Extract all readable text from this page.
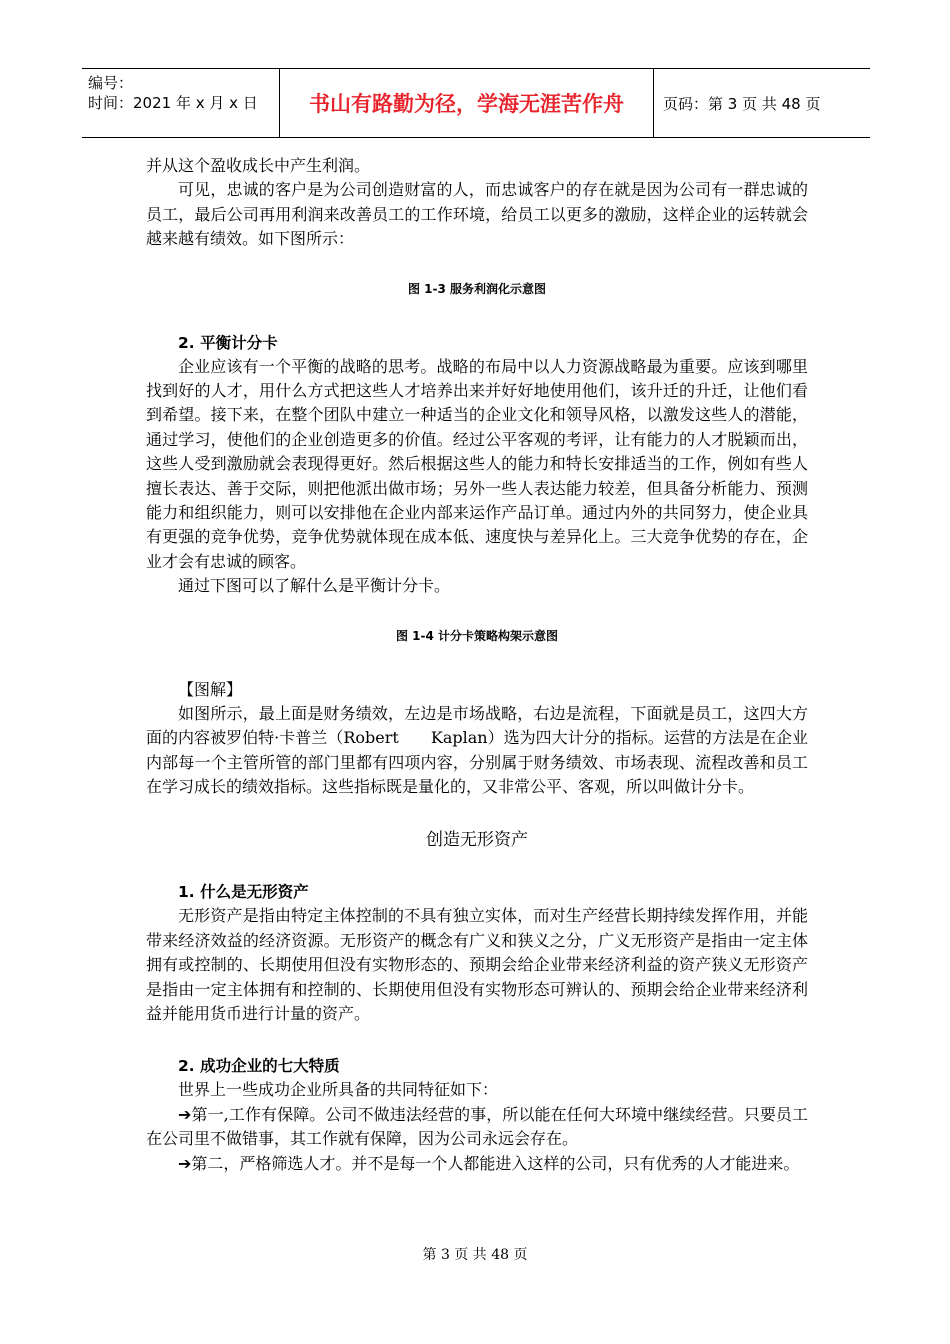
编号：
时间：2021 年 x 月 x 日	书山有路勤为径，学海无涯苦作舟	页码：第 3 页 共 48 页

并从这个盈收成长中产生利润。

可见，忠诚的客户是为公司创造财富的人，而忠诚客户的存在就是因为公司有一群忠诚的员工，最后公司再用利润来改善员工的工作环境，给员工以更多的激励，这样企业的运转就会越来越有绩效。如下图所示：

图 1-3 服务利润化示意图

2. 平衡计分卡

企业应该有一个平衡的战略的思考。战略的布局中以人力资源战略最为重要。应该到哪里找到好的人才，用什么方式把这些人才培养出来并好好地使用他们，该升迁的升迁，让他们看到希望。接下来，在整个团队中建立一种适当的企业文化和领导风格，以激发这些人的潜能，通过学习，使他们的企业创造更多的价值。经过公平客观的考评，让有能力的人才脱颖而出，这些人受到激励就会表现得更好。然后根据这些人的能力和特长安排适当的工作，例如有些人擅长表达、善于交际，则把他派出做市场；另外一些人表达能力较差，但具备分析能力、预测能力和组织能力，则可以安排他在企业内部来运作产品订单。通过内外的共同努力，使企业具有更强的竞争优势，竞争优势就体现在成本低、速度快与差异化上。三大竞争优势的存在，企业才会有忠诚的顾客。

通过下图可以了解什么是平衡计分卡。

图 1-4 计分卡策略构架示意图

【图解】

如图所示，最上面是财务绩效，左边是市场战略，右边是流程，下面就是员工，这四大方面的内容被罗伯特·卡普兰（Robert　　Kaplan）选为四大计分的指标。运营的方法是在企业内部每一个主管所管的部门里都有四项内容，分别属于财务绩效、市场表现、流程改善和员工在学习成长的绩效指标。这些指标既是量化的，又非常公平、客观，所以叫做计分卡。

创造无形资产

1. 什么是无形资产

无形资产是指由特定主体控制的不具有独立实体，而对生产经营长期持续发挥作用，并能带来经济效益的经济资源。无形资产的概念有广义和狭义之分，广义无形资产是指由一定主体拥有或控制的、长期使用但没有实物形态的、预期会给企业带来经济利益的资产狭义无形资产是指由一定主体拥有和控制的、长期使用但没有实物形态可辨认的、预期会给企业带来经济利益并能用货币进行计量的资产。

2. 成功企业的七大特质

世界上一些成功企业所具备的共同特征如下：

➔第一,工作有保障。公司不做违法经营的事，所以能在任何大环境中继续经营。只要员工在公司里不做错事，其工作就有保障，因为公司永远会存在。

➔第二，严格筛选人才。并不是每一个人都能进入这样的公司，只有优秀的人才能进来。

第 3 页 共 48 页
